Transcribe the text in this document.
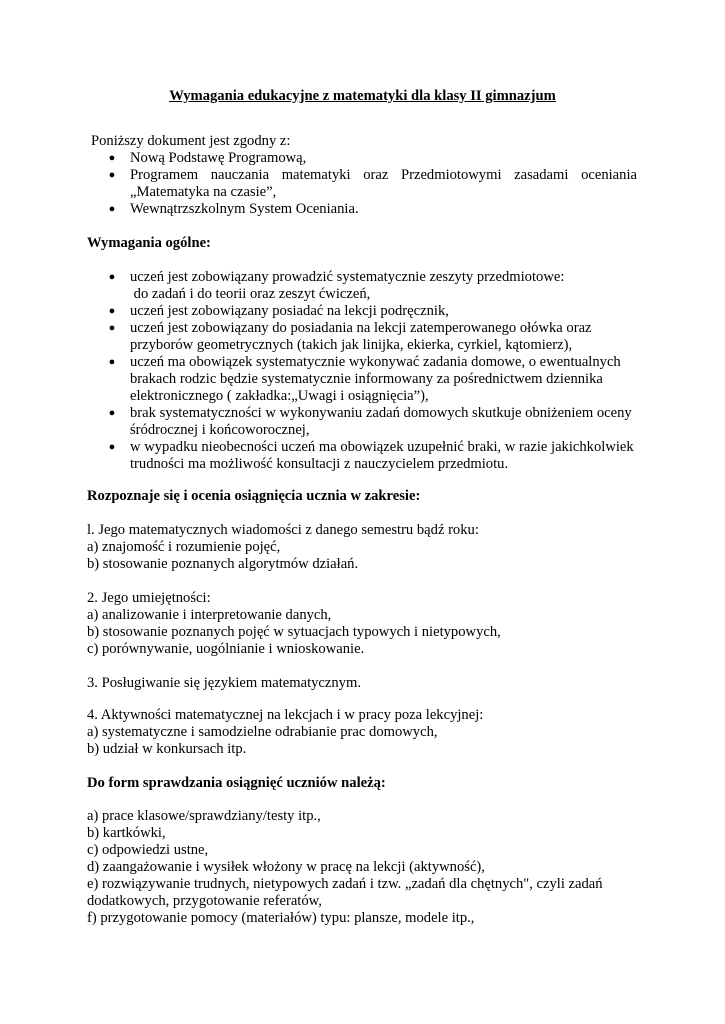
Wymagania edukacyjne z matematyki dla klasy II gimnazjum

Poniższy dokument jest zgodny z:

● Nową Podstawę Programową,

● Programem nauczania matematyki oraz Przedmiotowymi zasadami oceniania

„Matematyka na czasie”,

● Wewnątrzszkolnym System Oceniania.

Wymagania ogólne:

● uczeń jest zobowiązany prowadzić systematycznie zeszyty przedmiotowe:

do zadań i do teorii oraz zeszyt ćwiczeń,

● uczeń jest zobowiązany posiadać na lekcji podręcznik,

● uczeń jest zobowiązany do posiadania na lekcji zatemperowanego ołówka oraz

przyborów geometrycznych (takich jak linijka, ekierka, cyrkiel, kątomierz),

● uczeń ma obowiązek systematycznie wykonywać zadania domowe, o ewentualnych

brakach rodzic będzie systematycznie informowany za pośrednictwem dziennika

elektronicznego ( zakładka:„Uwagi i osiągnięcia”),

● brak systematyczności w wykonywaniu zadań domowych skutkuje obniżeniem oceny

śródrocznej i końcoworocznej,

● w wypadku nieobecności uczeń ma obowiązek uzupełnić braki, w razie jakichkolwiek

trudności ma możliwość konsultacji z nauczycielem przedmiotu.

Rozpoznaje się i ocenia osiągnięcia ucznia w zakresie:

l. Jego matematycznych wiadomości z danego semestru bądź roku:

a) znajomość i rozumienie pojęć,

b) stosowanie poznanych algorytmów działań.

2. Jego umiejętności:

a) analizowanie i interpretowanie danych,

b) stosowanie poznanych pojęć w sytuacjach typowych i nietypowych,

c) porównywanie, uogólnianie i wnioskowanie.

3. Posługiwanie się językiem matematycznym.

4. Aktywności matematycznej na lekcjach i w pracy poza lekcyjnej:

a) systematyczne i samodzielne odrabianie prac domowych,

b) udział w konkursach itp.

Do form sprawdzania osiągnięć uczniów należą:

a) prace klasowe/sprawdziany/testy itp.,

b) kartkówki,

c) odpowiedzi ustne,

d) zaangażowanie i wysiłek włożony w pracę na lekcji (aktywność),

e) rozwiązywanie trudnych, nietypowych zadań i tzw. „zadań dla chętnych", czyli zadań

dodatkowych, przygotowanie referatów,

f) przygotowanie pomocy (materiałów) typu: plansze, modele itp.,
